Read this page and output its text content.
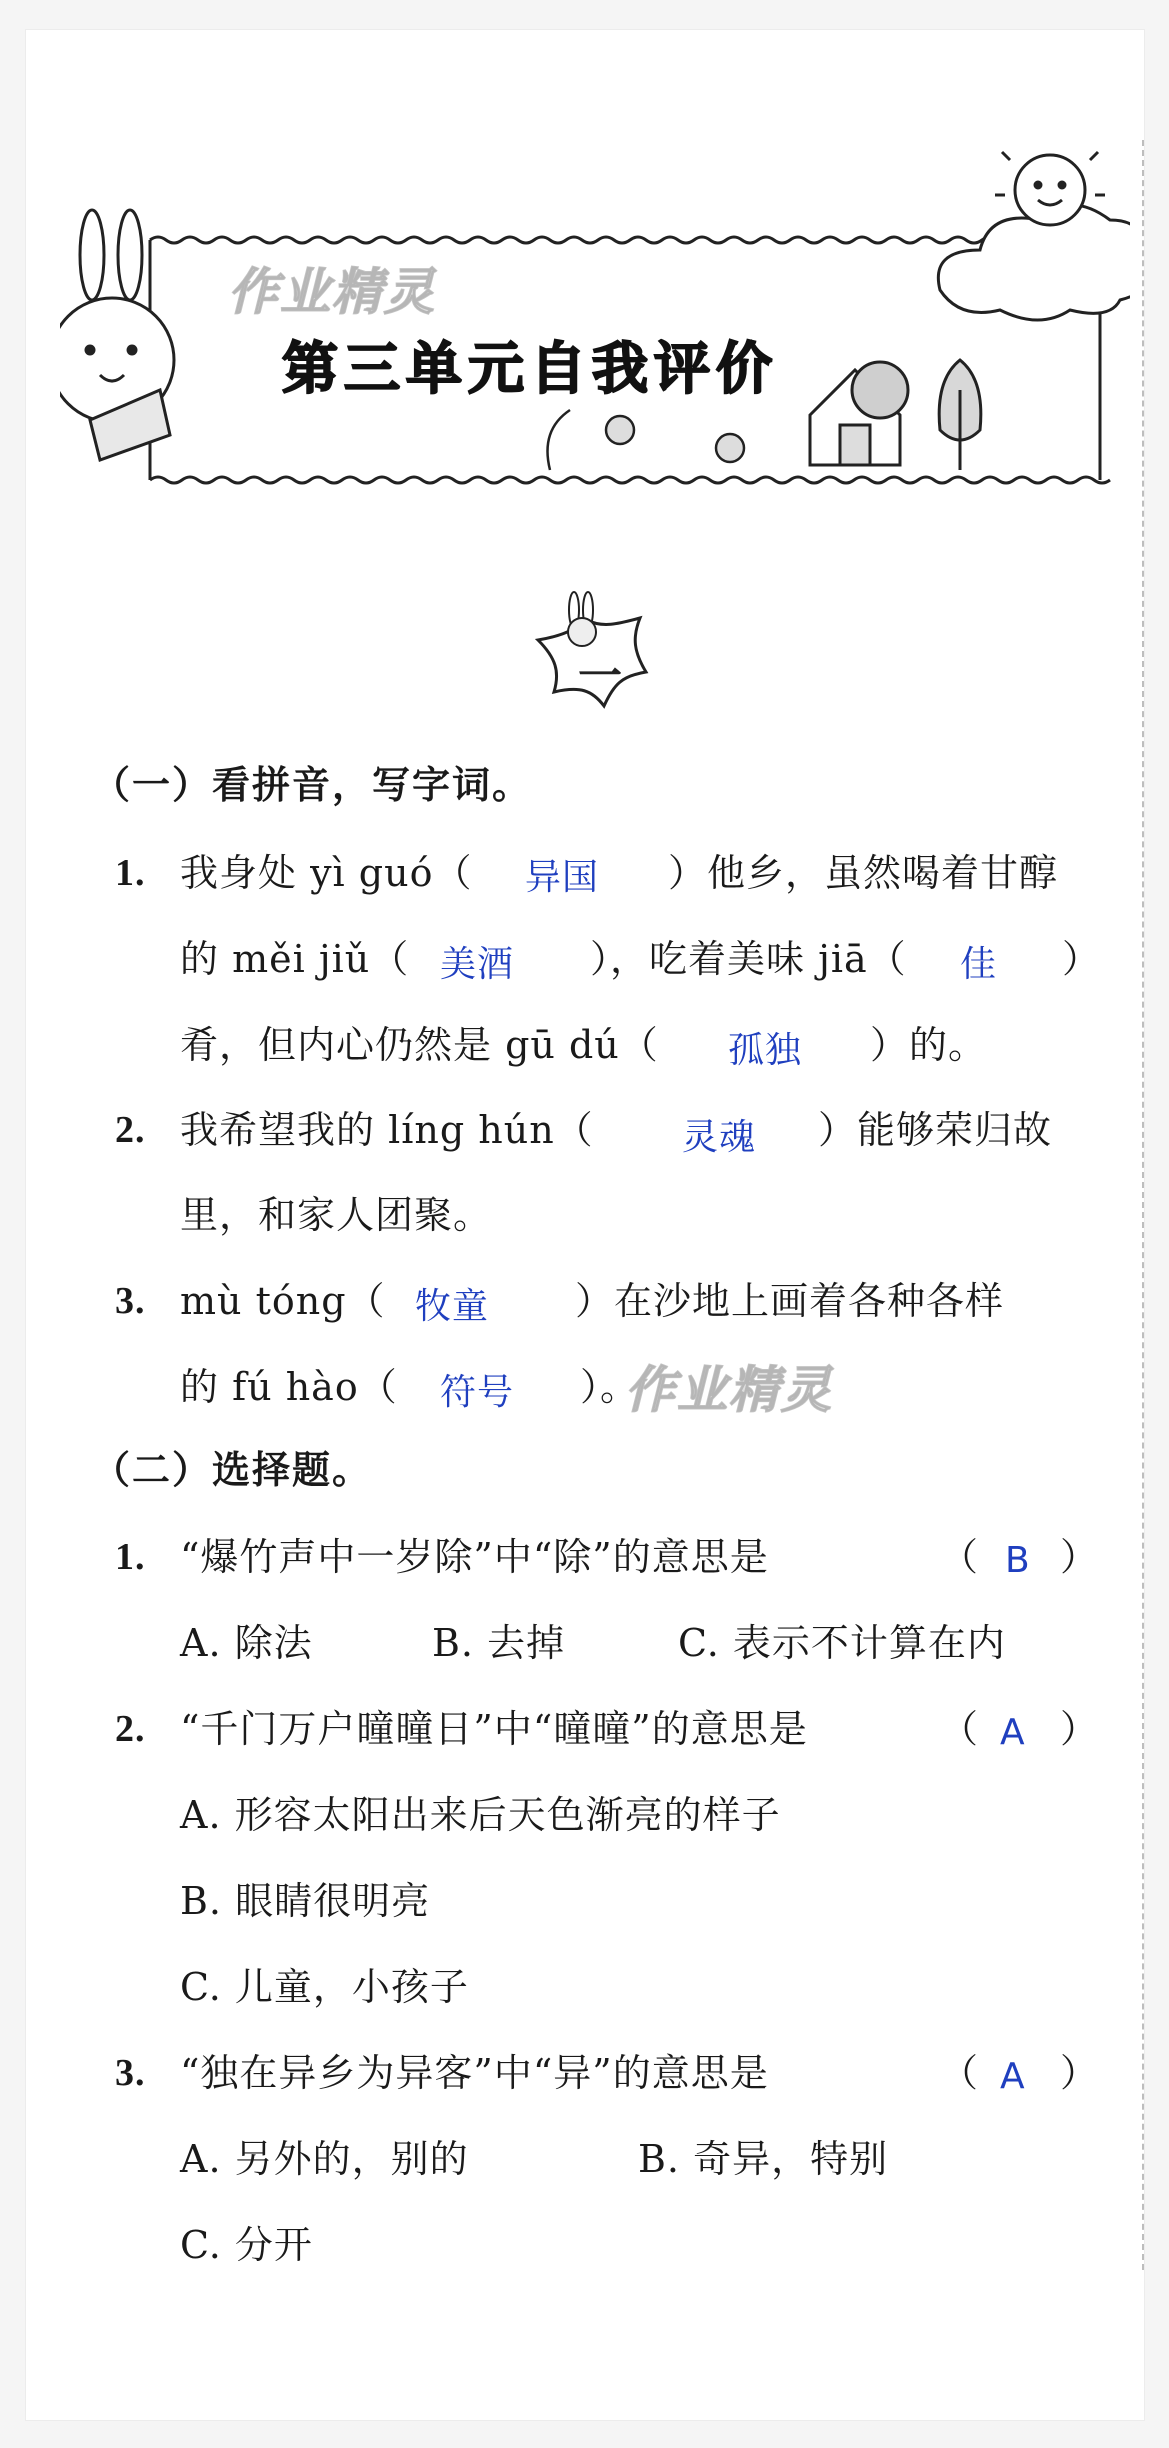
第三单元自我评价
作业精灵
一
（一）看拼音，写字词。
1. 我身处 yì guó（ 异国 ）他乡，虽然喝着甘醇
的 měi jiǔ（ 美酒 ），吃着美味 jiā（ 佳 ）
肴，但内心仍然是 gū dú（ 孤独 ）的。
2. 我希望我的 líng hún（ 灵魂 ）能够荣归故
里，和家人团聚。
3. mù tóng（ 牧童 ）在沙地上画着各种各样
的 fú hào（ 符号 ）。
作业精灵
（二）选择题。
1. “爆竹声中一岁除”中“除”的意思是	（ B ）
A. 除法	B. 去掉	C. 表示不计算在内
2. “千门万户曈曈日”中“曈曈”的意思是	（ A ）
A. 形容太阳出来后天色渐亮的样子
B. 眼睛很明亮
C. 儿童，小孩子
3. “独在异乡为异客”中“异”的意思是	（ A ）
A. 另外的，别的	B. 奇异，特别
C. 分开
